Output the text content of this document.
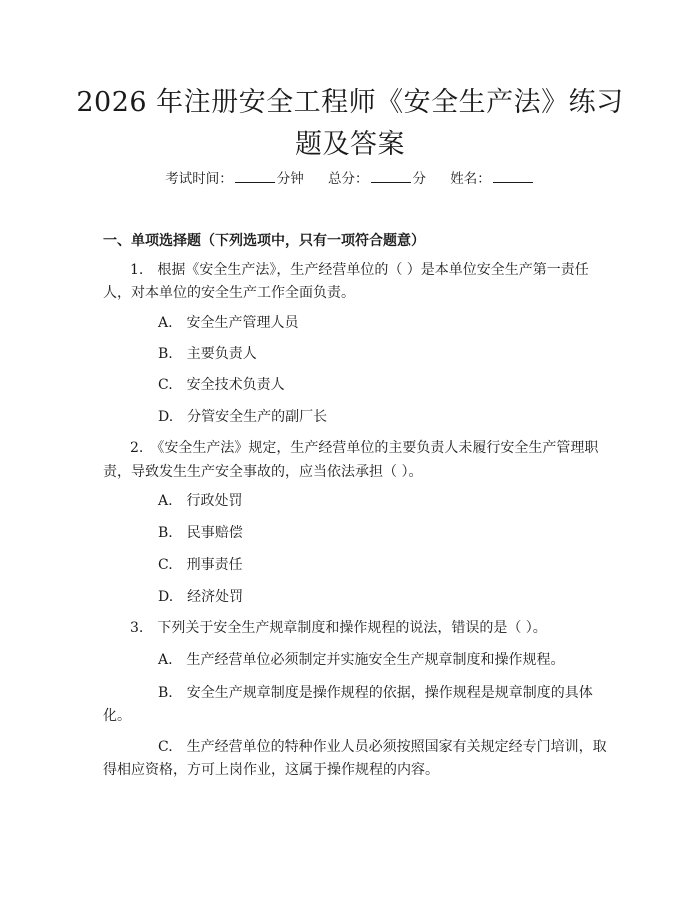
2026 年注册安全工程师《安全生产法》练习
题及答案
考试时间：	分钟 总分：	分 姓名：
一、单项选择题（下列选项中，只有一项符合题意）
1.　根据《安全生产法》，生产经营单位的（ ）是本单位安全生产第一责任
人，对本单位的安全生产工作全面负责。
A.　安全生产管理人员
B.　主要负责人
C.　安全技术负责人
D.　分管安全生产的副厂长
2.　《安全生产法》规定，生产经营单位的主要负责人未履行安全生产管理职
责，导致发生生产安全事故的，应当依法承担（ ）。
A.　行政处罚
B.　民事赔偿
C.　刑事责任
D.　经济处罚
3.　下列关于安全生产规章制度和操作规程的说法，错误的是（ ）。
A.　生产经营单位必须制定并实施安全生产规章制度和操作规程。
B.　安全生产规章制度是操作规程的依据，操作规程是规章制度的具体
化。
C.　生产经营单位的特种作业人员必须按照国家有关规定经专门培训，取
得相应资格，方可上岗作业，这属于操作规程的内容。
